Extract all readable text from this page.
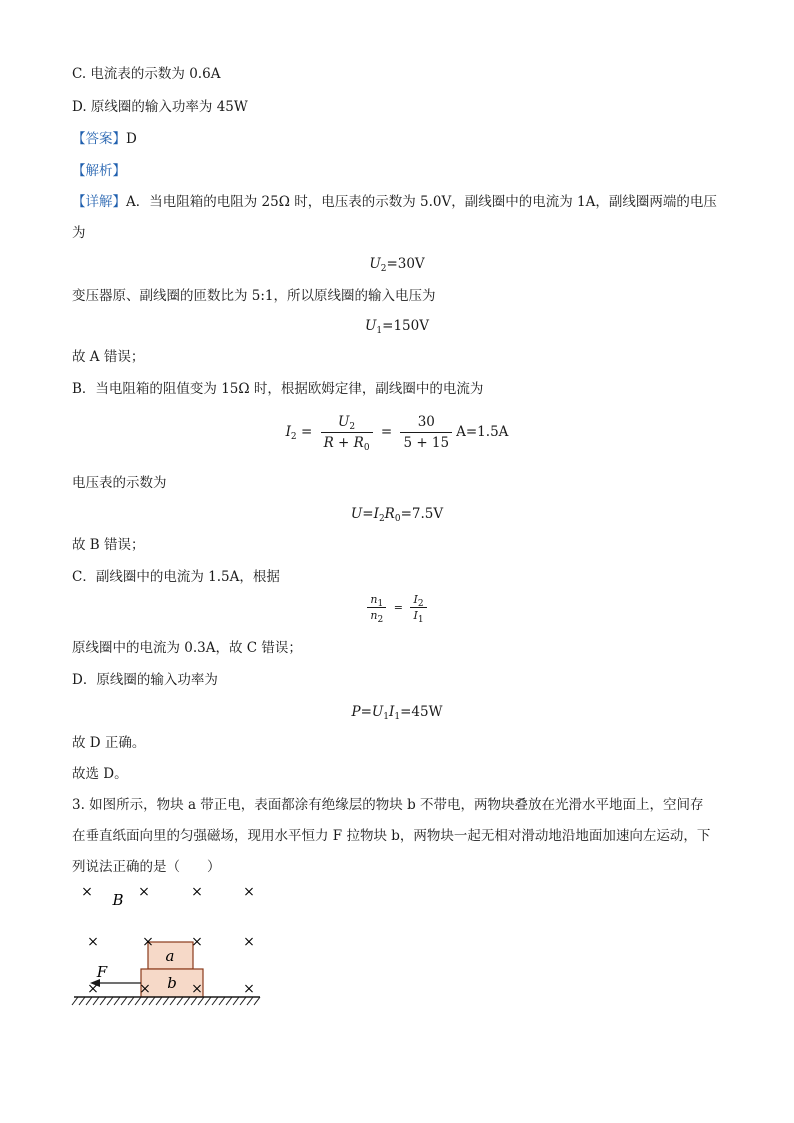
C. 电流表的示数为 0.6A
D. 原线圈的输入功率为 45W
【答案】D
【解析】
【详解】A．当电阻箱的电阻为 25Ω 时，电压表的示数为 5.0V，副线圈中的电流为 1A，副线圈两端的电压
为
$U_2=30V$
变压器原、副线圈的匝数比为 5:1，所以原线圈的输入电压为
$U_1=150V$
故 A 错误；
B．当电阻箱的阻值变为 15Ω 时，根据欧姆定律，副线圈中的电流为
$I_2 = \frac{U_2}{R + R_0} = \frac{30}{5 + 15} A=1.5A$
电压表的示数为
$U=I_2R_0=7.5V$
故 B 错误；
C．副线圈中的电流为 1.5A，根据
$\frac{n_1}{n_2} = \frac{I_2}{I_1}$
原线圈中的电流为 0.3A，故 C 错误；
D．原线圈的输入功率为
$P=U_1I_1=45W$
故 D 正确。
故选 D。
3. 如图所示，物块 a 带正电，表面都涂有绝缘层的物块 b 不带电，两物块叠放在光滑水平地面上，空间存
在垂直纸面向里的匀强磁场，现用水平恒力 F 拉物块 b，两物块一起无相对滑动地沿地面加速向左运动，下
列说法正确的是（　　）
×	×	×	×
B
×	×
×	×
a
b
×	×	×
F
×
